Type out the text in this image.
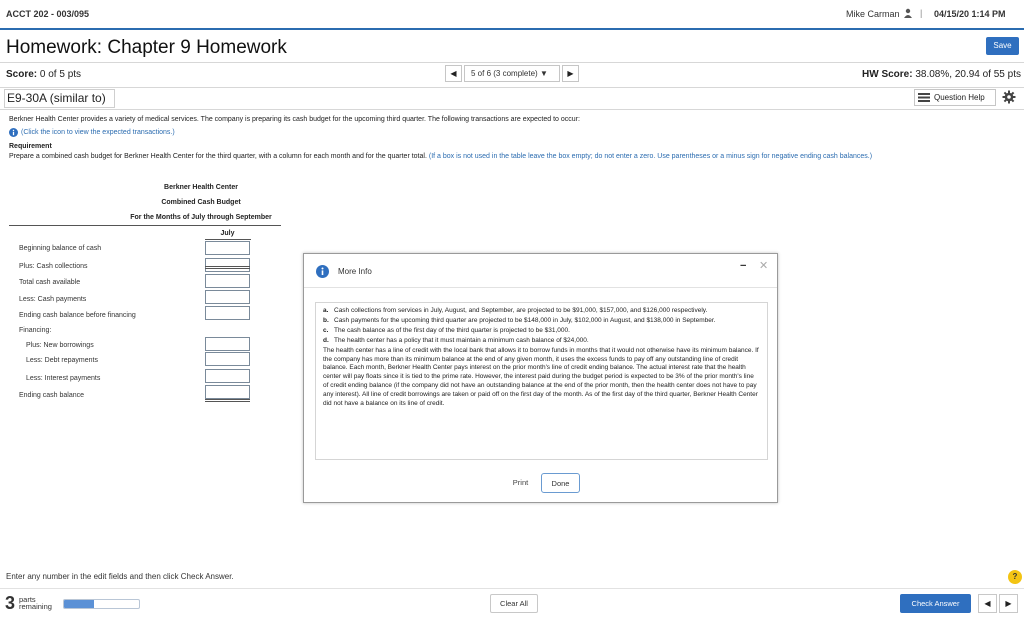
ACCT 202 - 003/095	Mike Carman | 04/15/20 1:14 PM
Homework: Chapter 9 Homework	Save
Score: 0 of 5 pts	◀	5 of 6 (3 complete) ▼	▶	HW Score: 38.08%, 20.94 of 55 pts
E9-30A (similar to)	Question Help
Berkner Health Center provides a variety of medical services. The company is preparing its cash budget for the upcoming third quarter. The following transactions are expected to occur:
(Click the icon to view the expected transactions.)
Requirement
Prepare a combined cash budget for Berkner Health Center for the third quarter, with a column for each month and for the quarter total. (If a box is not used in the table leave the box empty; do not enter a zero. Use parentheses or a minus sign for negative ending cash balances.)
Berkner Health Center
Combined Cash Budget
For the Months of July through September
July
Beginning balance of cash
Plus: Cash collections
Total cash available
Less: Cash payments
Ending cash balance before financing
Financing:
Plus: New borrowings
Less: Debt repayments
Less: Interest payments
Ending cash balance
More Info	− ✕
a. Cash collections from services in July, August, and September, are projected to be $91,000, $157,000, and $126,000 respectively.
b. Cash payments for the upcoming third quarter are projected to be $148,000 in July, $102,000 in August, and $138,000 in September.
c. The cash balance as of the first day of the third quarter is projected to be $31,000.
d. The health center has a policy that it must maintain a minimum cash balance of $24,000.
The health center has a line of credit with the local bank that allows it to borrow funds in months that it would not otherwise have its minimum balance. If the company has more than its minimum balance at the end of any given month, it uses the excess funds to pay off any outstanding line of credit balance. Each month, Berkner Health Center pays interest on the prior month's line of credit ending balance. The actual interest rate that the health center will pay floats since it is tied to the prime rate. However, the interest paid during the budget period is expected to be 3% of the prior month's line of credit ending balance (if the company did not have an outstanding balance at the end of the prior month, then the health center does not have to pay any interest). All line of credit borrowings are taken or paid off on the first day of the month. As of the first day of the third quarter, Berkner Health Center did not have a balance on its line of credit.
Print	Done
Enter any number in the edit fields and then click Check Answer.	?
3 parts
remaining	Clear All	Check Answer	◀	▶
